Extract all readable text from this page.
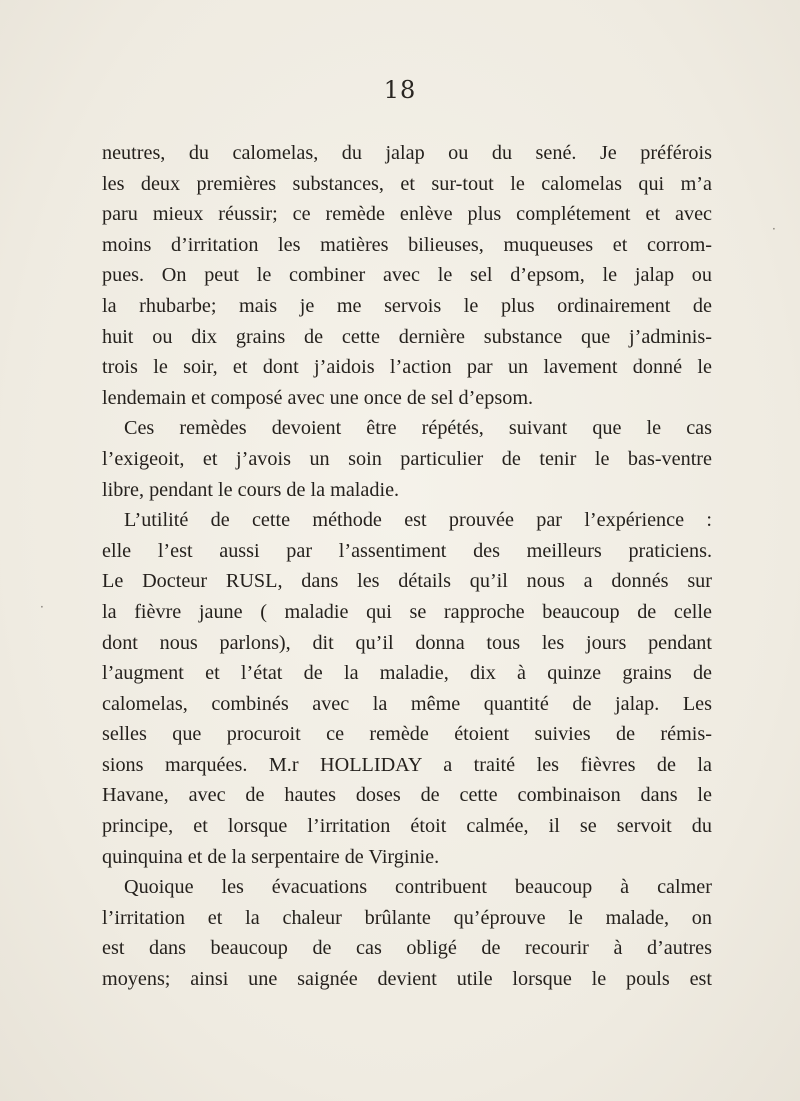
18
neutres, du calomelas, du jalap ou du sené. Je préférois
les deux premières substances, et sur-tout le calomelas qui m’a
paru mieux réussir; ce remède enlève plus complétement et avec
moins d’irritation les matières bilieuses, muqueuses et corrom-
pues. On peut le combiner avec le sel d’epsom, le jalap ou
la rhubarbe; mais je me servois le plus ordinairement de
huit ou dix grains de cette dernière substance que j’adminis-
trois le soir, et dont j’aidois l’action par un lavement donné le
lendemain et composé avec une once de sel d’epsom.
Ces remèdes devoient être répétés, suivant que le cas
l’exigeoit, et j’avois un soin particulier de tenir le bas-ventre
libre, pendant le cours de la maladie.
L’utilité de cette méthode est prouvée par l’expérience :
elle l’est aussi par l’assentiment des meilleurs praticiens.
Le Docteur RUSL, dans les détails qu’il nous a donnés sur
la fièvre jaune ( maladie qui se rapproche beaucoup de celle
dont nous parlons), dit qu’il donna tous les jours pendant
l’augment et l’état de la maladie, dix à quinze grains de
calomelas, combinés avec la même quantité de jalap. Les
selles que procuroit ce remède étoient suivies de rémis-
sions marquées. M.r HOLLIDAY a traité les fièvres de la
Havane, avec de hautes doses de cette combinaison dans le
principe, et lorsque l’irritation étoit calmée, il se servoit du
quinquina et de la serpentaire de Virginie.
Quoique les évacuations contribuent beaucoup à calmer
l’irritation et la chaleur brûlante qu’éprouve le malade, on
est dans beaucoup de cas obligé de recourir à d’autres
moyens; ainsi une saignée devient utile lorsque le pouls est
·
·
